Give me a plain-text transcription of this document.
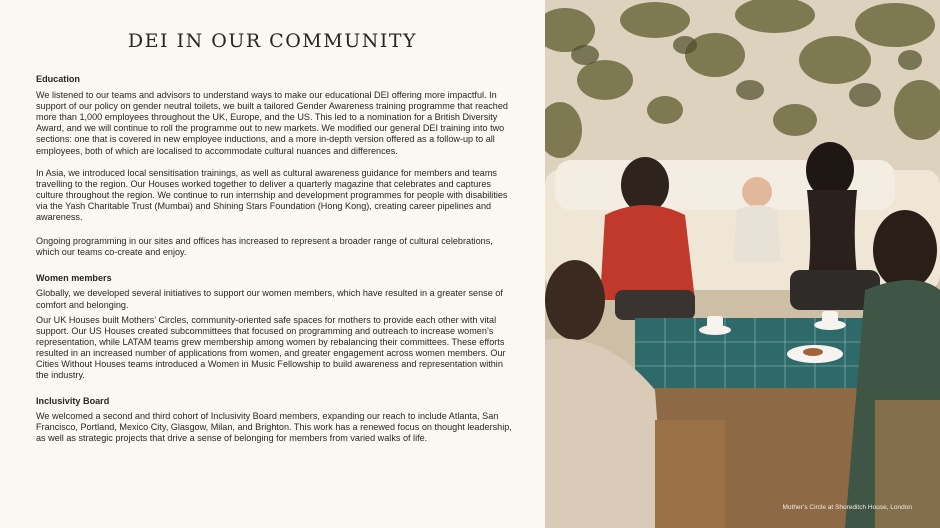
DEI IN OUR COMMUNITY

Education

We listened to our teams and advisors to understand ways to make our educational DEI offering more impactful. In support of our policy on gender neutral toilets, we built a tailored Gender Awareness training programme that reached more than 1,000 employees throughout the UK, Europe, and the US. This led to a nomination for a British Diversity Award, and we will continue to roll the programme out to new markets. We modified our general DEI training into two sections: one that is covered in new employee inductions, and a more in-depth version offered as a follow-up to all employees, both of which are localised to accommodate cultural nuances and differences.

In Asia, we introduced local sensitisation trainings, as well as cultural awareness guidance for members and teams travelling to the region. Our Houses worked together to deliver a quarterly magazine that celebrates and captures culture throughout the region. We continue to run internship and development programmes for people with disabilities via the Yash Charitable Trust (Mumbai) and Shining Stars Foundation (Hong Kong), creating career pipelines and awareness.

Ongoing programming in our sites and offices has increased to represent a broader range of cultural celebrations, which our teams co-create and enjoy.

Women members

Globally, we developed several initiatives to support our women members, which have resulted in a greater sense of comfort and belonging.

Our UK Houses built Mothers’ Circles, community-oriented safe spaces for mothers to provide each other with vital support. Our US Houses created subcommittees that focused on programming and outreach to increase women’s representation, while LATAM teams grew membership among women by rebalancing their committees. These efforts resulted in an increased number of applications from women, and greater engagement across women members. Our Cities Without Houses teams introduced a Women in Music Fellowship to build awareness and representation within the industry.

Inclusivity Board

We welcomed a second and third cohort of Inclusivity Board members, expanding our reach to include Atlanta, San Francisco, Portland, Mexico City, Glasgow, Milan, and Brighton. This work has a renewed focus on thought leadership, as well as strategic projects that drive a sense of belonging for members from varied walks of life.

Mother’s Circle at Shoreditch House, London
